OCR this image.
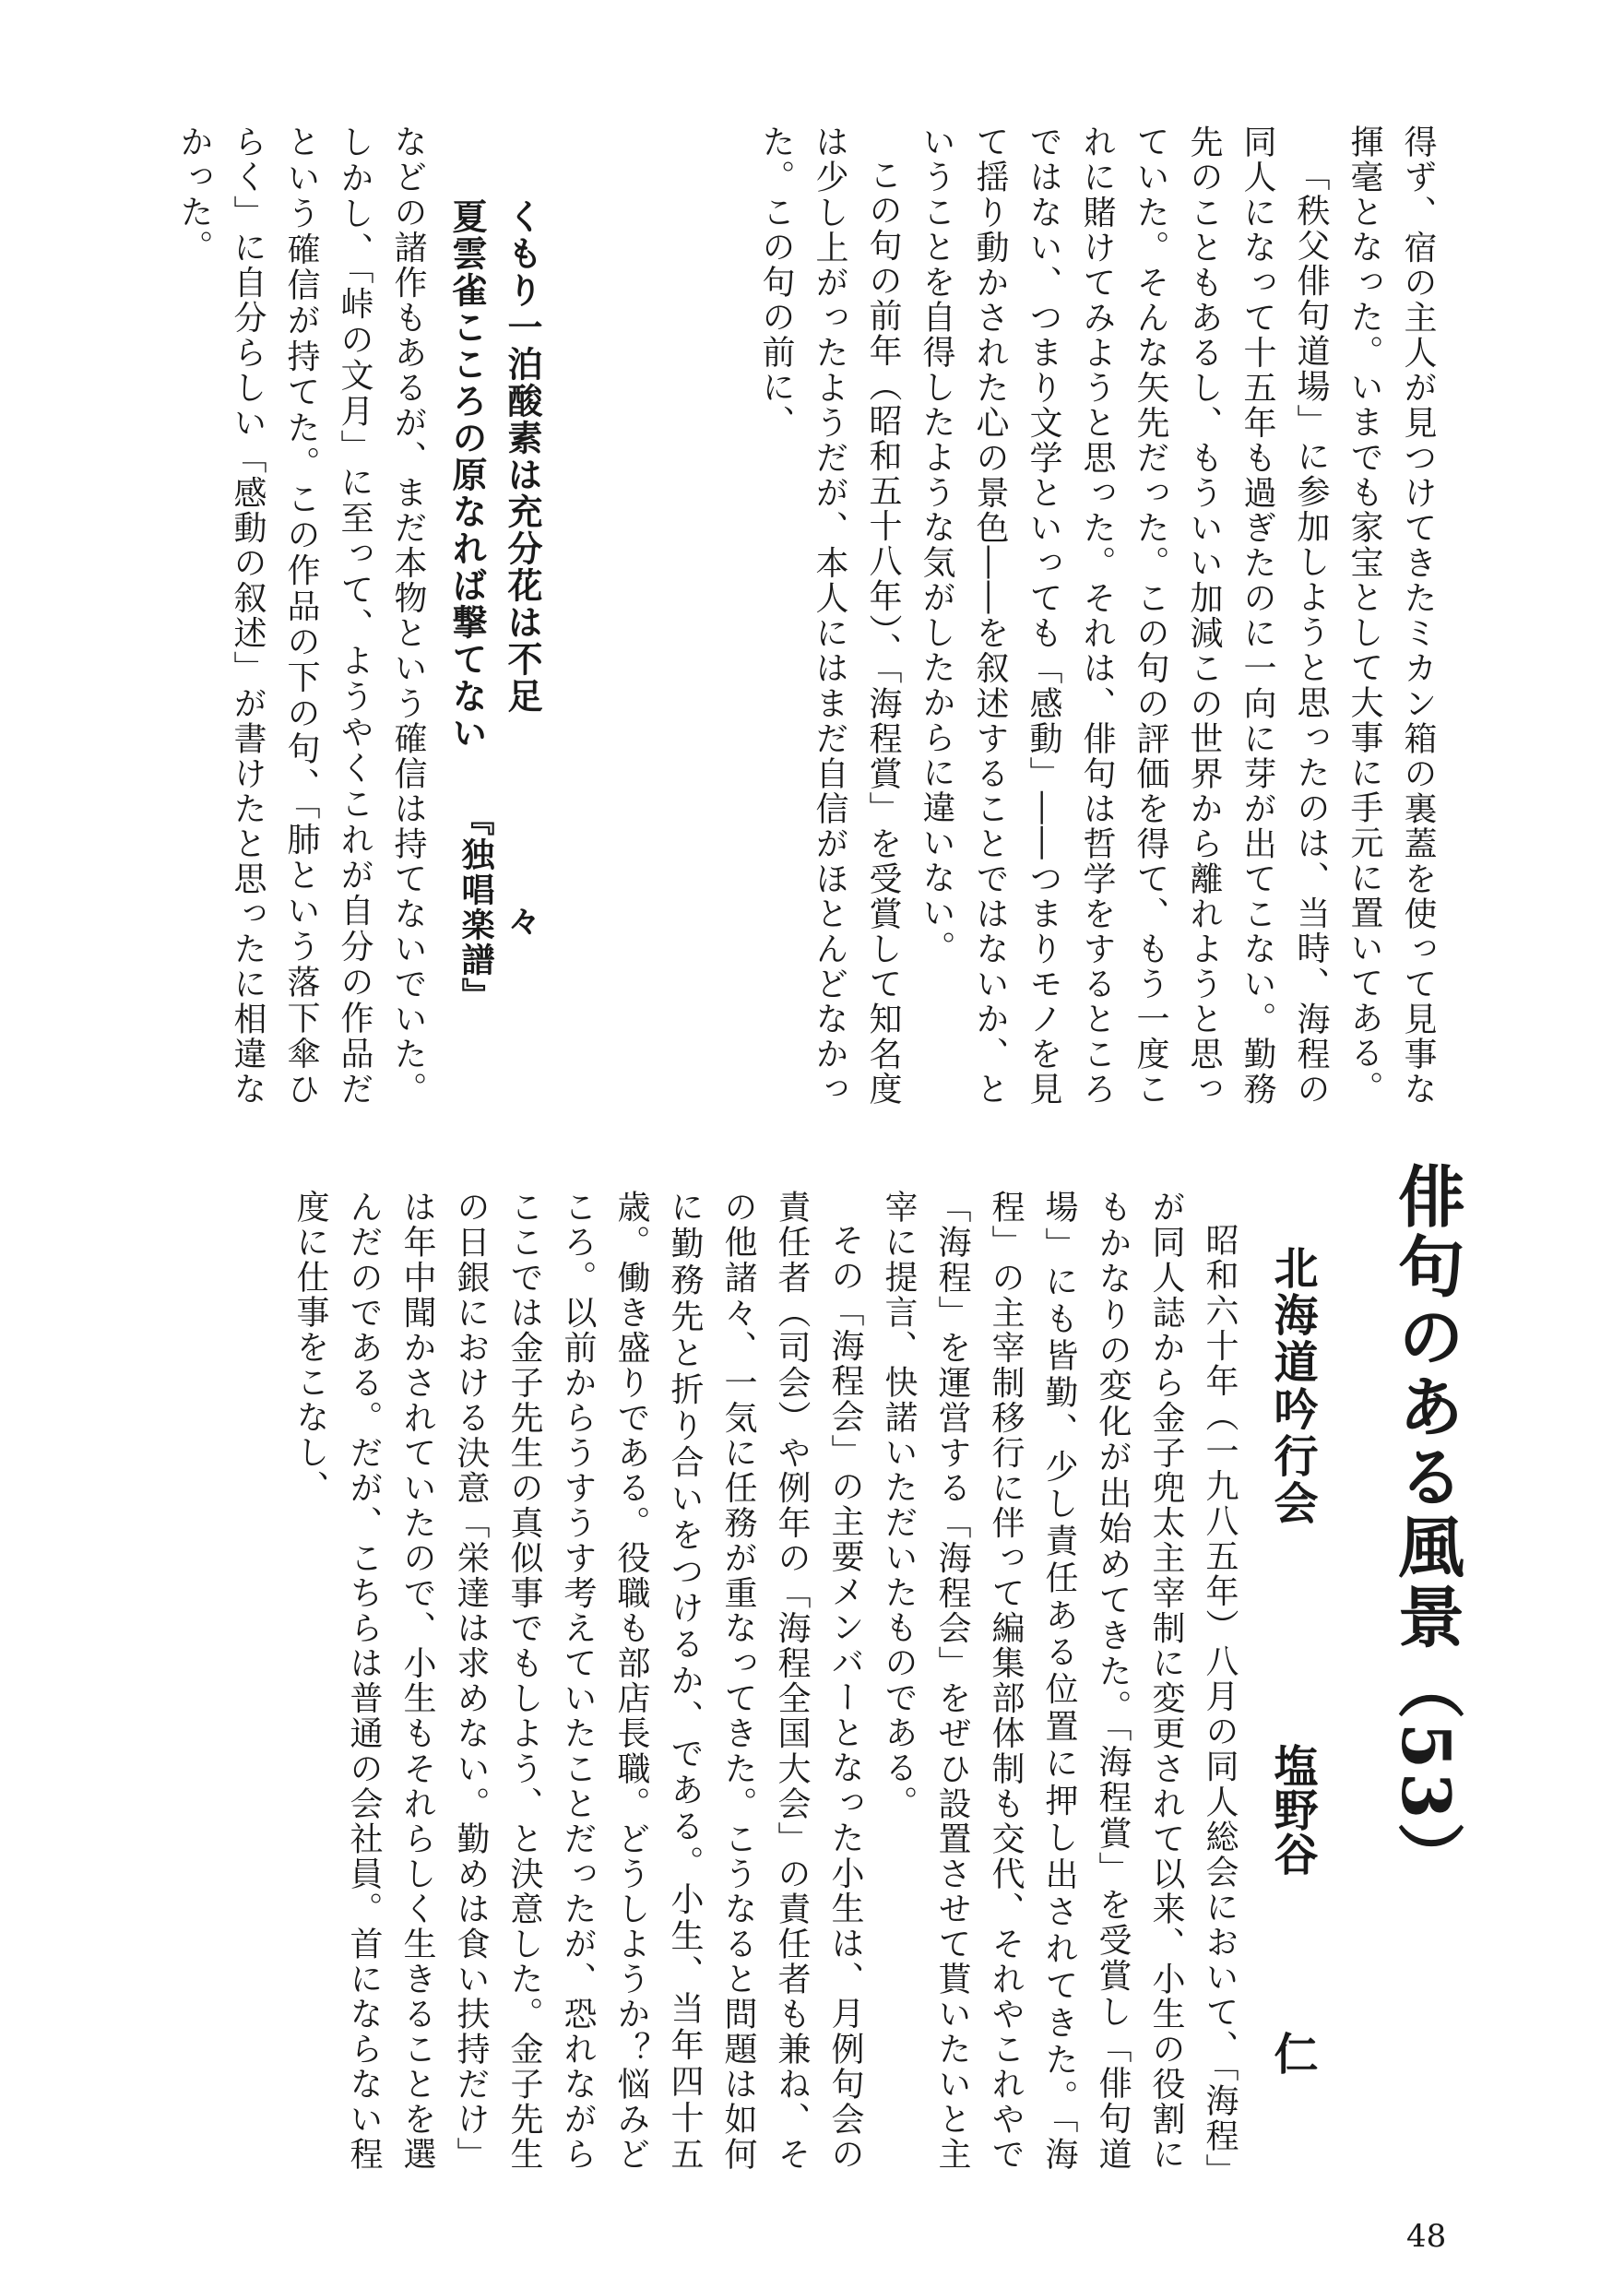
得ず、宿の主人が見つけてきたミカン箱の裏蓋を使って見事な揮毫となった。いまでも家宝として大事に手元に置いてある。

「秩父俳句道場」に参加しようと思ったのは、当時、海程の同人になって十五年も過ぎたのに一向に芽が出てこない。勤務先のこともあるし、もういい加減この世界から離れようと思っていた。そんな矢先だった。この句の評価を得て、もう一度これに賭けてみようと思った。それは、俳句は哲学をするところではない、つまり文学といっても「感動」――つまりモノを見て揺り動かされた心の景色――を叙述することではないか、ということを自得したような気がしたからに違いない。

この句の前年（昭和五十八年）、「海程賞」を受賞して知名度は少し上がったようだが、本人にはまだ自信がほとんどなかった。この句の前に、

くもり一泊酸素は充分花は不足
夏雲雀こころの原なれば撃てない
『独唱楽譜』 々

などの諸作もあるが、まだ本物という確信は持てないでいた。しかし、「峠の文月」に至って、ようやくこれが自分の作品だという確信が持てた。この作品の下の句、「肺という落下傘ひらく」に自分らしい「感動の叙述」が書けたと思ったに相違なかった。

俳句のある風景（53）
北海道吟行会
塩野谷
仁

昭和六十年（一九八五年）八月の同人総会において、「海程」が同人誌から金子兜太主宰制に変更されて以来、小生の役割にもかなりの変化が出始めてきた。「海程賞」を受賞し「俳句道場」にも皆勤、少し責任ある位置に押し出されてきた。「海程」の主宰制移行に伴って編集部体制も交代、それやこれやで「海程」を運営する「海程会」をぜひ設置させて貰いたいと主宰に提言、快諾いただいたものである。

その「海程会」の主要メンバーとなった小生は、月例句会の責任者（司会）や例年の「海程全国大会」の責任者も兼ね、その他諸々、一気に任務が重なってきた。こうなると問題は如何に勤務先と折り合いをつけるか、である。小生、当年四十五歳。働き盛りである。役職も部店長職。どうしようか？悩みどころ。以前からうすうす考えていたことだったが、恐れながらここでは金子先生の真似事でもしよう、と決意した。金子先生の日銀における決意「栄達は求めない。勤めは食い扶持だけ」は年中聞かされていたので、小生もそれらしく生きることを選んだのである。だが、こちらは普通の会社員。首にならない程度に仕事をこなし、

48
